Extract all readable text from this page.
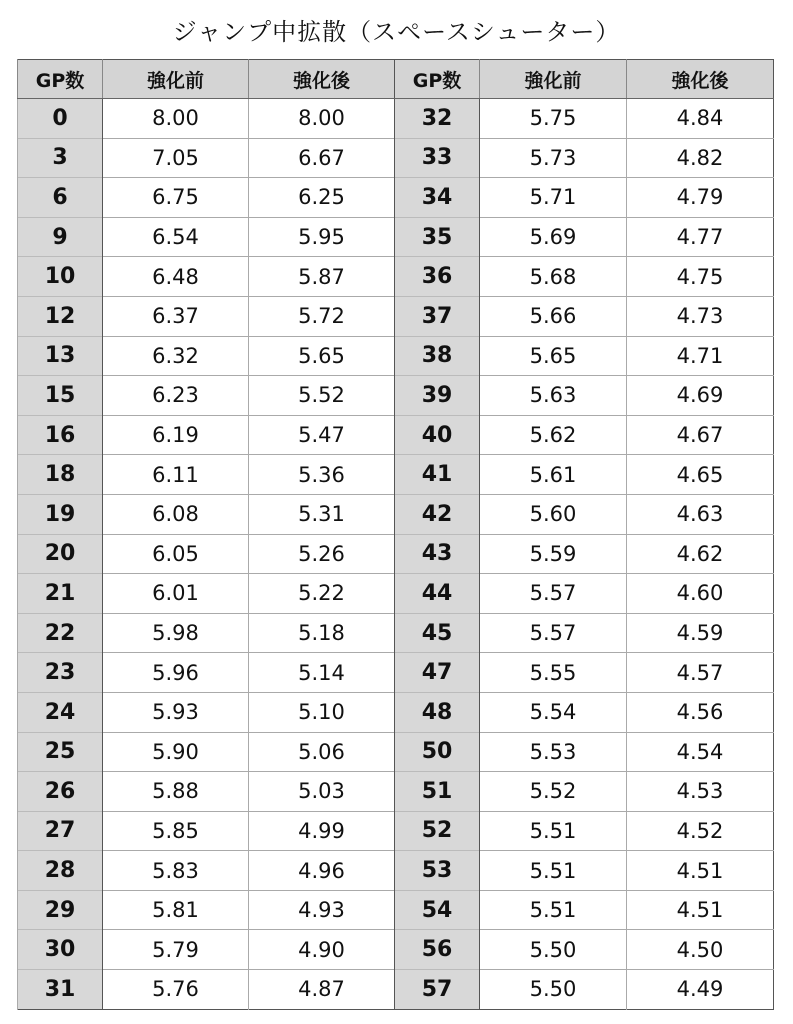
ジャンプ中拡散（スペースシューター）
GP数	強化前	強化後	GP数	強化前	強化後
0	8.00	8.00	32	5.75	4.84
3	7.05	6.67	33	5.73	4.82
6	6.75	6.25	34	5.71	4.79
9	6.54	5.95	35	5.69	4.77
10	6.48	5.87	36	5.68	4.75
12	6.37	5.72	37	5.66	4.73
13	6.32	5.65	38	5.65	4.71
15	6.23	5.52	39	5.63	4.69
16	6.19	5.47	40	5.62	4.67
18	6.11	5.36	41	5.61	4.65
19	6.08	5.31	42	5.60	4.63
20	6.05	5.26	43	5.59	4.62
21	6.01	5.22	44	5.57	4.60
22	5.98	5.18	45	5.57	4.59
23	5.96	5.14	47	5.55	4.57
24	5.93	5.10	48	5.54	4.56
25	5.90	5.06	50	5.53	4.54
26	5.88	5.03	51	5.52	4.53
27	5.85	4.99	52	5.51	4.52
28	5.83	4.96	53	5.51	4.51
29	5.81	4.93	54	5.51	4.51
30	5.79	4.90	56	5.50	4.50
31	5.76	4.87	57	5.50	4.49
